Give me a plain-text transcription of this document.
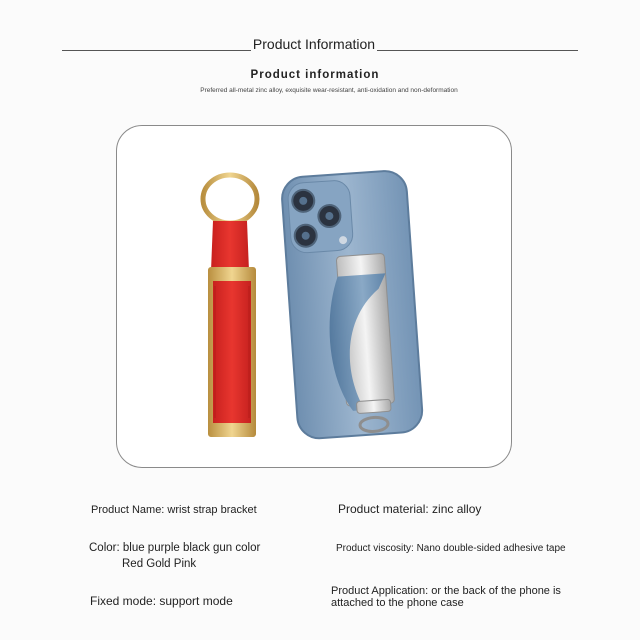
Product Information
Product information
Preferred all-metal zinc alloy, exquisite wear-resistant, anti-oxidation and non-deformation
Product Name: wrist strap bracket	Product material: zinc alloy
Color: blue purple black gun color
Red Gold Pink
Product viscosity: Nano double-sided adhesive tape
Fixed mode: support mode
Product Application: or the back of the phone is
attached to the phone case
